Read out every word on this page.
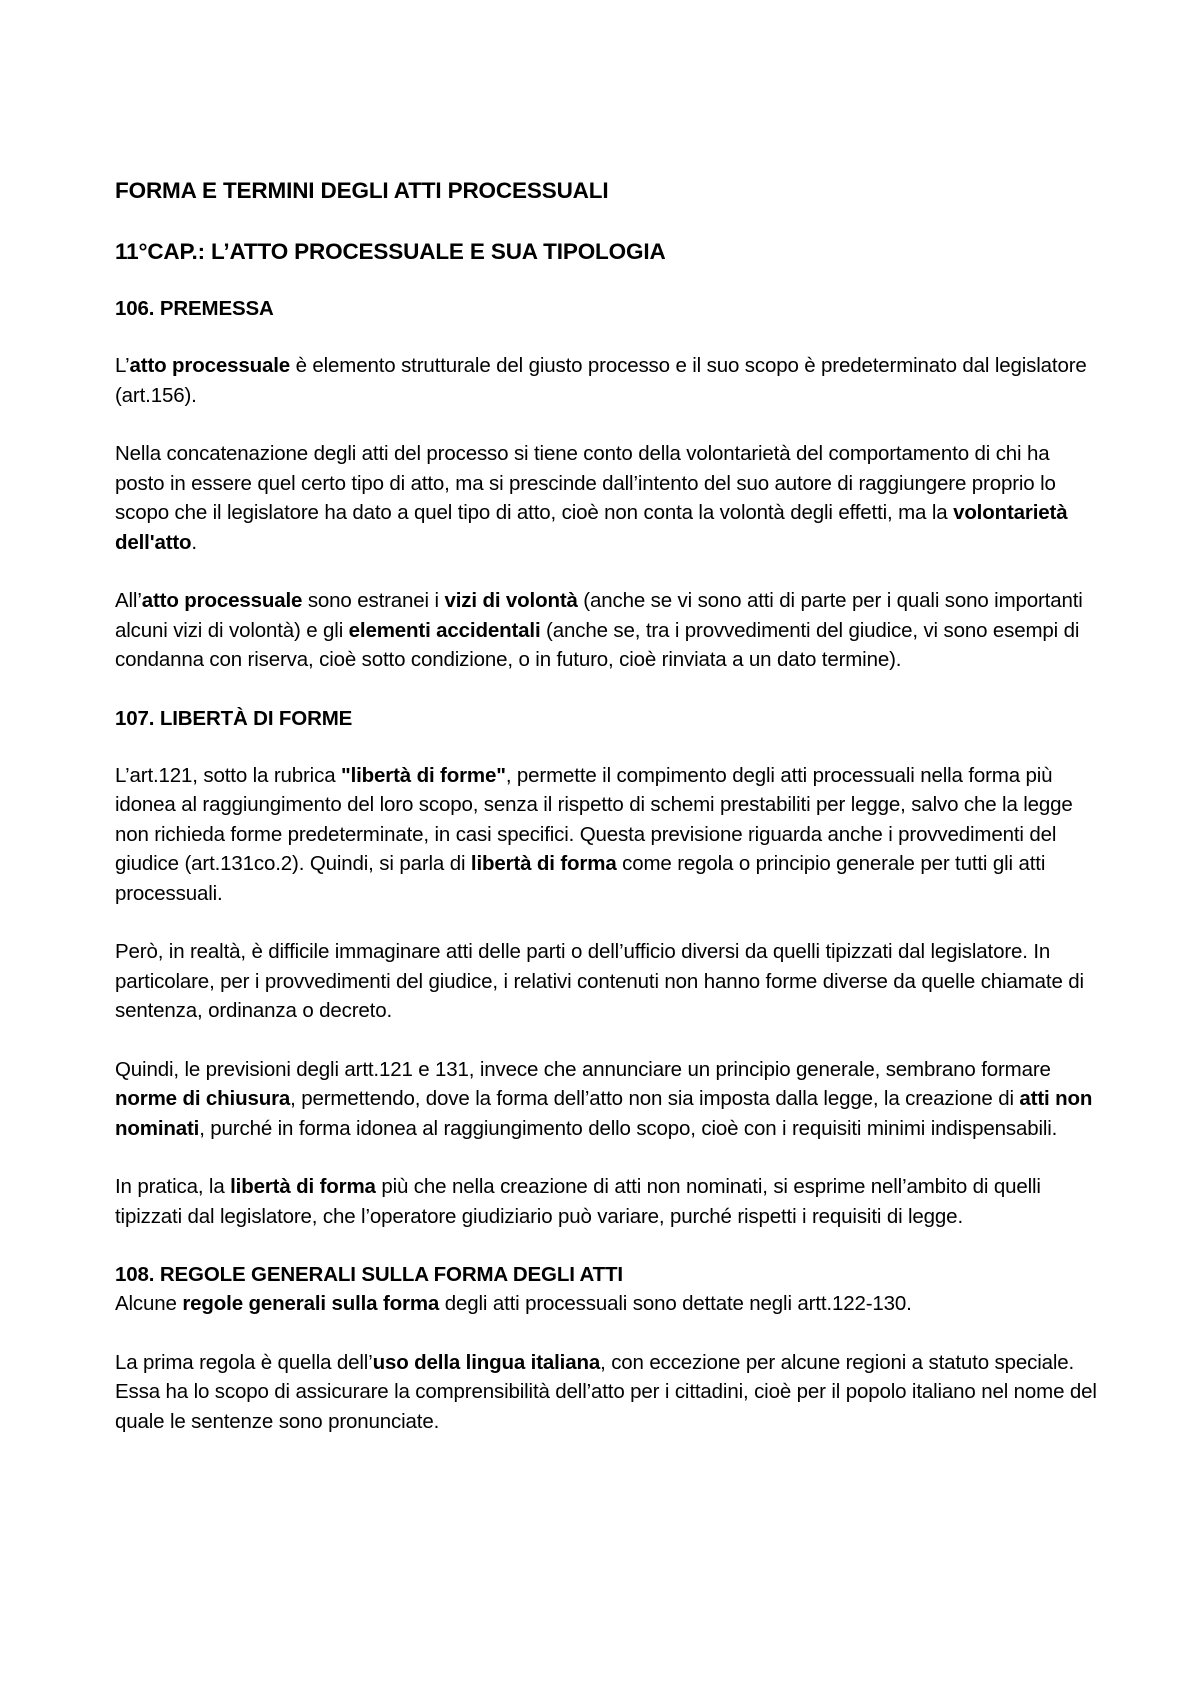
FORMA E TERMINI DEGLI ATTI PROCESSUALI
11°CAP.: L’ATTO PROCESSUALE E SUA TIPOLOGIA
106. PREMESSA

L’atto processuale è elemento strutturale del giusto processo e il suo scopo è predeterminato dal legislatore (art.156).

Nella concatenazione degli atti del processo si tiene conto della volontarietà del comportamento di chi ha posto in essere quel certo tipo di atto, ma si prescinde dall’intento del suo autore di raggiungere proprio lo scopo che il legislatore ha dato a quel tipo di atto, cioè non conta la volontà degli effetti, ma la volontarietà dell'atto.

All’atto processuale sono estranei i vizi di volontà (anche se vi sono atti di parte per i quali sono importanti alcuni vizi di volontà) e gli elementi accidentali (anche se, tra i provvedimenti del giudice, vi sono esempi di condanna con riserva, cioè sotto condizione, o in futuro, cioè rinviata a un dato termine).

107. LIBERTÀ DI FORME

L’art.121, sotto la rubrica "libertà di forme", permette il compimento degli atti processuali nella forma più idonea al raggiungimento del loro scopo, senza il rispetto di schemi prestabiliti per legge, salvo che la legge non richieda forme predeterminate, in casi specifici. Questa previsione riguarda anche i provvedimenti del giudice (art.131co.2). Quindi, si parla di libertà di forma come regola o principio generale per tutti gli atti processuali.

Però, in realtà, è difficile immaginare atti delle parti o dell’ufficio diversi da quelli tipizzati dal legislatore. In particolare, per i provvedimenti del giudice, i relativi contenuti non hanno forme diverse da quelle chiamate di sentenza, ordinanza o decreto.

Quindi, le previsioni degli artt.121 e 131, invece che annunciare un principio generale, sembrano formare norme di chiusura, permettendo, dove la forma dell’atto non sia imposta dalla legge, la creazione di atti non nominati, purché in forma idonea al raggiungimento dello scopo, cioè con i requisiti minimi indispensabili.

In pratica, la libertà di forma più che nella creazione di atti non nominati, si esprime nell’ambito di quelli tipizzati dal legislatore, che l’operatore giudiziario può variare, purché rispetti i requisiti di legge.

108. REGOLE GENERALI SULLA FORMA DEGLI ATTI

Alcune regole generali sulla forma degli atti processuali sono dettate negli artt.122-130.

La prima regola è quella dell’uso della lingua italiana, con eccezione per alcune regioni a statuto speciale. Essa ha lo scopo di assicurare la comprensibilità dell’atto per i cittadini, cioè per il popolo italiano nel nome del quale le sentenze sono pronunciate.
